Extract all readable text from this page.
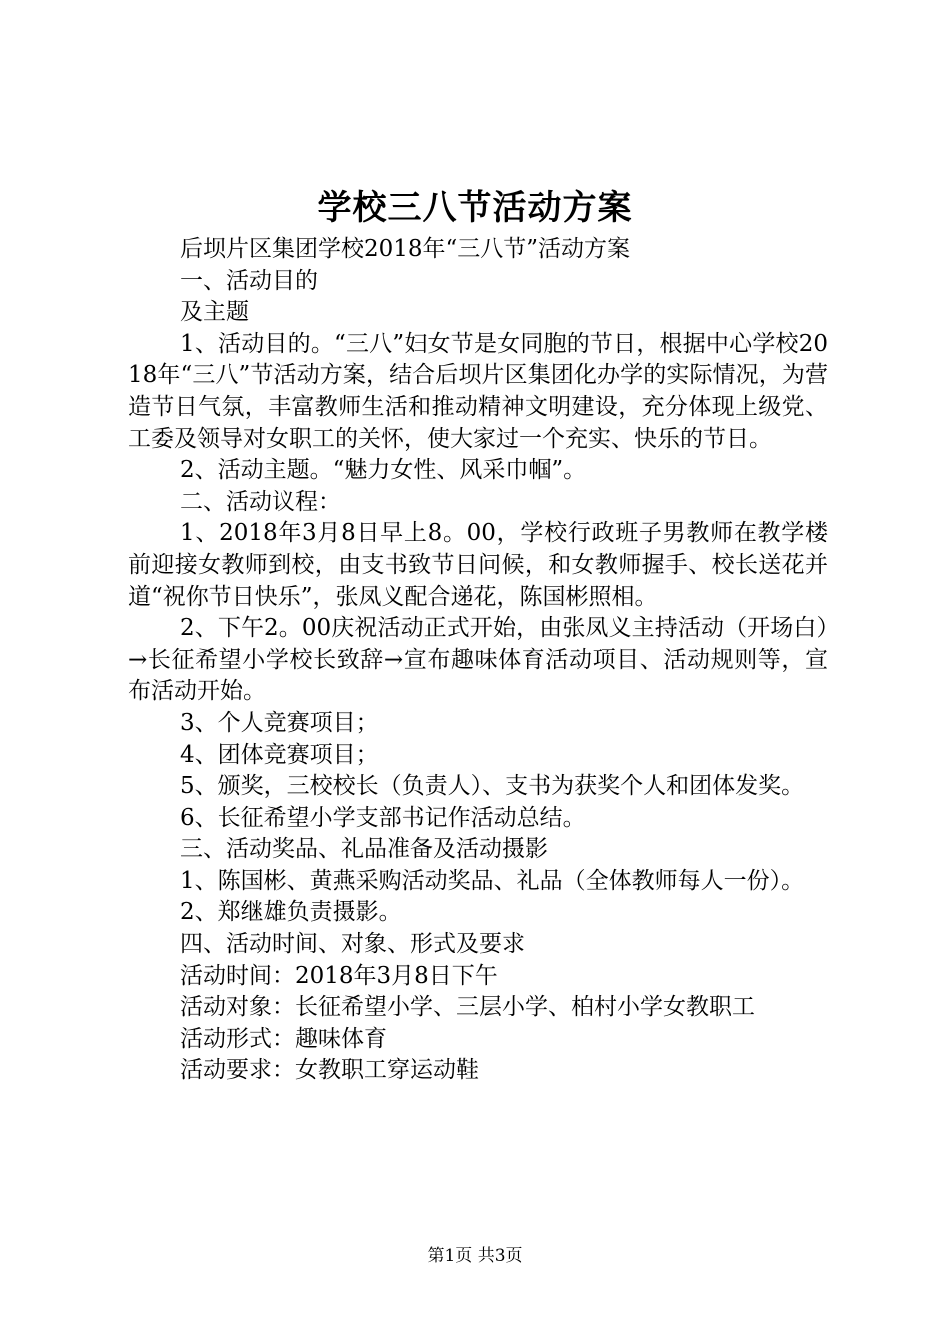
学校三八节活动方案

后坝片区集团学校2018年“三八节”活动方案

一、活动目的

及主题

1、活动目的。“三八”妇女节是女同胞的节日，根据中心学校2018年“三八”节活动方案，结合后坝片区集团化办学的实际情况，为营造节日气氛，丰富教师生活和推动精神文明建设，充分体现上级党、工委及领导对女职工的关怀，使大家过一个充实、快乐的节日。

2、活动主题。“魅力女性、风采巾帼”。

二、活动议程：

1、2018年3月8日早上8。00，学校行政班子男教师在教学楼前迎接女教师到校，由支书致节日问候，和女教师握手、校长送花并道“祝你节日快乐”，张凤义配合递花，陈国彬照相。

2、下午2。00庆祝活动正式开始，由张凤义主持活动（开场白）→长征希望小学校长致辞→宣布趣味体育活动项目、活动规则等，宣布活动开始。

3、个人竞赛项目；

4、团体竞赛项目；

5、颁奖，三校校长（负责人）、支书为获奖个人和团体发奖。

6、长征希望小学支部书记作活动总结。

三、活动奖品、礼品准备及活动摄影

1、陈国彬、黄燕采购活动奖品、礼品（全体教师每人一份）。

2、郑继雄负责摄影。

四、活动时间、对象、形式及要求

活动时间：2018年3月8日下午

活动对象：长征希望小学、三层小学、柏村小学女教职工

活动形式：趣味体育

活动要求：女教职工穿运动鞋

第1页 共3页
